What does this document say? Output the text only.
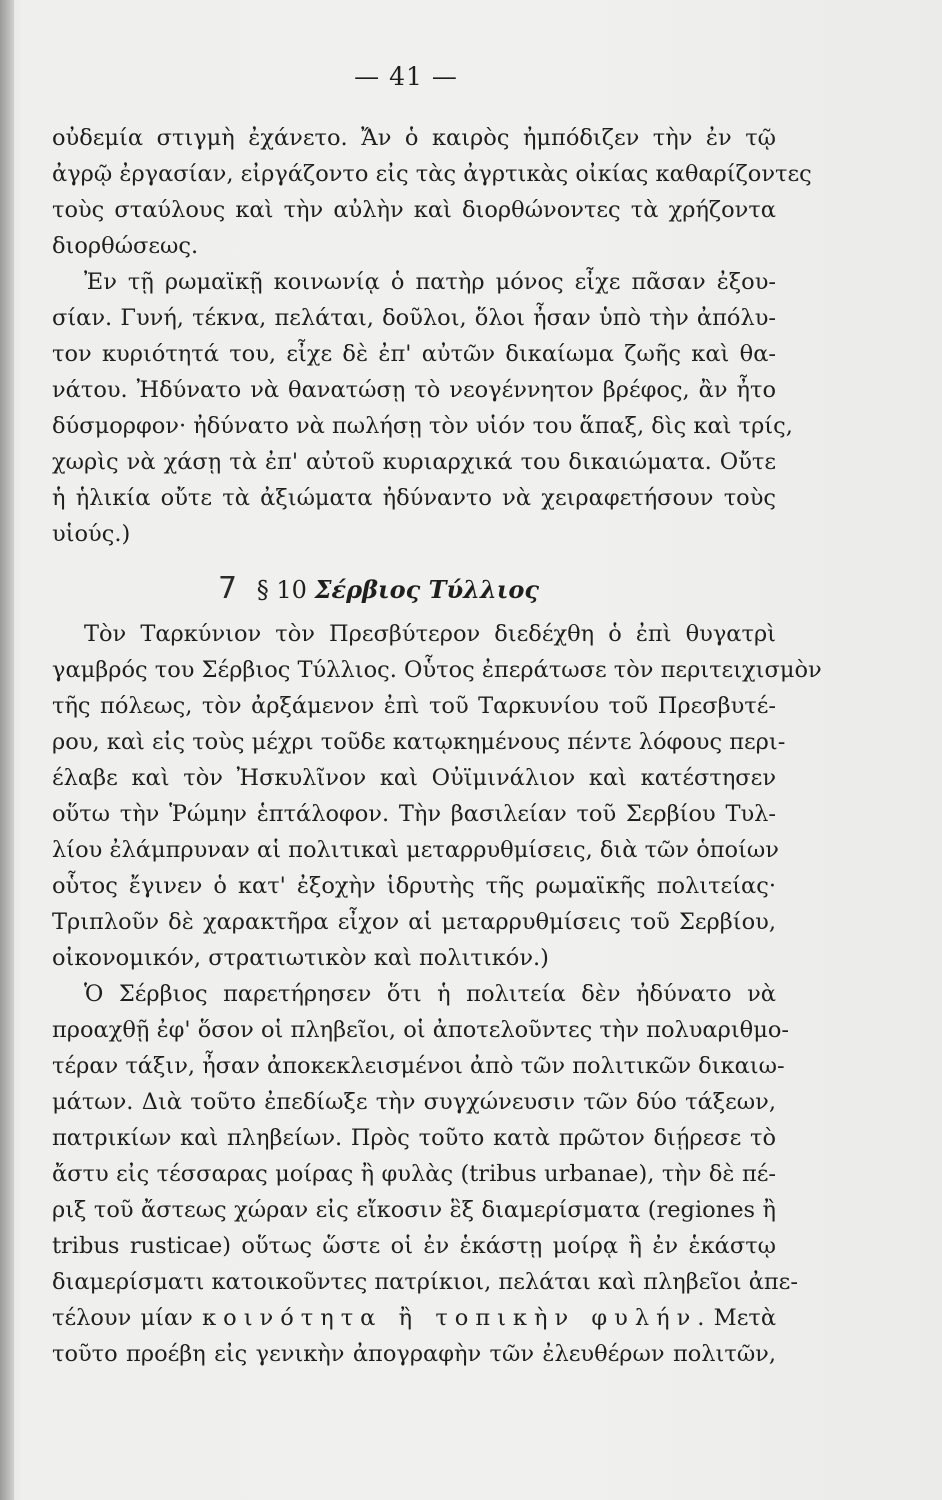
— 41 —
οὐδεμία στιγμὴ ἐχάνετο. Ἄν ὁ καιρὸς ἠμπόδιζεν τὴν ἐν τῷ
ἀγρῷ ἐργασίαν, εἰργάζοντο εἰς τὰς ἀγρτικὰς οἰκίας καθαρίζοντες
τοὺς σταύλους καὶ τὴν αὐλὴν καὶ διορθώνοντες τὰ χρήζοντα
διορθώσεως.
Ἐν τῇ ρωμαϊκῇ κοινωνίᾳ ὁ πατὴρ μόνος εἶχε πᾶσαν ἐξου-
σίαν. Γυνή, τέκνα, πελάται, δοῦλοι, ὅλοι ἦσαν ὑπὸ τὴν ἀπόλυ-
τον κυριότητά του, εἶχε δὲ ἐπ' αὐτῶν δικαίωμα ζωῆς καὶ θα-
νάτου. Ἠδύνατο νὰ θανατώσῃ τὸ νεογέννητον βρέφος, ἂν ἦτο
δύσμορφον· ἠδύνατο νὰ πωλήσῃ τὸν υἱόν του ἅπαξ, δὶς καὶ τρίς,
χωρὶς νὰ χάσῃ τὰ ἐπ' αὐτοῦ κυριαρχικά του δικαιώματα. Οὔτε
ἡ ἡλικία οὔτε τὰ ἀξιώματα ἠδύναντο νὰ χειραφετήσουν τοὺς
υἱούς.)
7 § 10 Σέρβιος Τύλλιος
Τὸν Ταρκύνιον τὸν Πρεσβύτερον διεδέχθη ὁ ἐπὶ θυγατρὶ
γαμβρός του Σέρβιος Τύλλιος. Οὗτος ἐπεράτωσε τὸν περιτειχισμὸν
τῆς πόλεως, τὸν ἀρξάμενον ἐπὶ τοῦ Ταρκυνίου τοῦ Πρεσβυτέ-
ρου, καὶ εἰς τοὺς μέχρι τοῦδε κατῳκημένους πέντε λόφους περι-
έλαβε καὶ τὸν Ἠσκυλῖνον καὶ Οὐϊμινάλιον καὶ κατέστησεν
οὕτω τὴν Ῥώμην ἑπτάλοφον. Τὴν βασιλείαν τοῦ Σερβίου Τυλ-
λίου ἐλάμπρυναν αἱ πολιτικαὶ μεταρρυθμίσεις, διὰ τῶν ὁποίων
οὗτος ἔγινεν ὁ κατ' ἐξοχὴν ἱδρυτὴς τῆς ρωμαϊκῆς πολιτείας·
Τριπλοῦν δὲ χαρακτῆρα εἶχον αἱ μεταρρυθμίσεις τοῦ Σερβίου,
οἰκονομικόν, στρατιωτικὸν καὶ πολιτικόν.)
Ὁ Σέρβιος παρετήρησεν ὅτι ἡ πολιτεία δὲν ἠδύνατο νὰ
προαχθῇ ἐφ' ὅσον οἱ πληβεῖοι, οἱ ἀποτελοῦντες τὴν πολυαριθμο-
τέραν τάξιν, ἦσαν ἀποκεκλεισμένοι ἀπὸ τῶν πολιτικῶν δικαιω-
μάτων. Διὰ τοῦτο ἐπεδίωξε τὴν συγχώνευσιν τῶν δύο τάξεων,
πατρικίων καὶ πληβείων. Πρὸς τοῦτο κατὰ πρῶτον διῄρεσε τὸ
ἄστυ εἰς τέσσαρας μοίρας ἢ φυλὰς (tribus urbanae), τὴν δὲ πέ-
ριξ τοῦ ἄστεως χώραν εἰς εἴκοσιν ἓξ διαμερίσματα (regiones ἢ
tribus rusticae) οὕτως ὥστε οἱ ἐν ἑκάστῃ μοίρᾳ ἢ ἐν ἑκάστῳ
διαμερίσματι κατοικοῦντες πατρίκιοι, πελάται καὶ πληβεῖοι ἀπε-
τέλουν μίαν κοινότητα ἢ τοπικὴν φυλήν. Μετὰ
τοῦτο προέβη εἰς γενικὴν ἀπογραφὴν τῶν ἐλευθέρων πολιτῶν,
